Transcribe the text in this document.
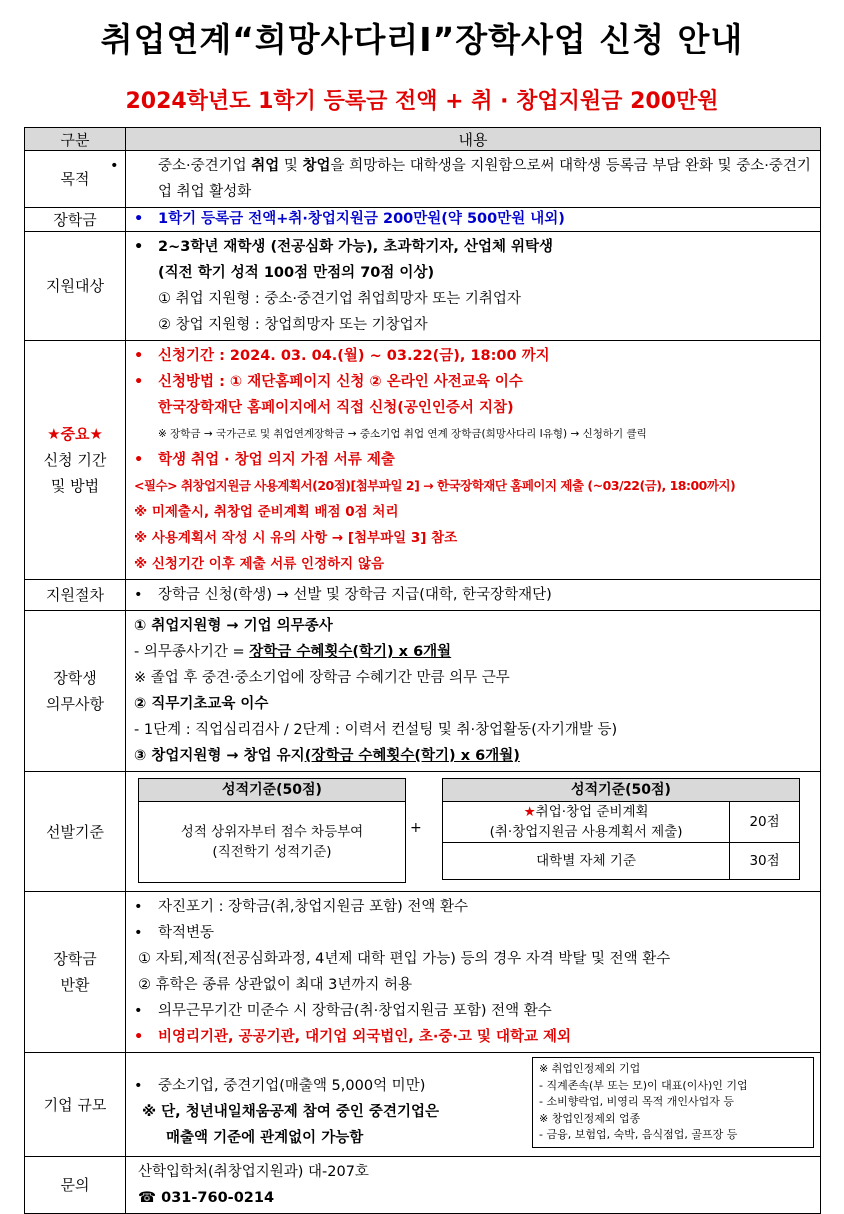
취업연계“희망사다리Ⅰ”장학사업 신청 안내
2024학년도 1학기 등록금 전액 + 취 · 창업지원금 200만원
구분	내용
목적	
• 중소·중견기업 취업 및 창업을 희망하는 대학생을 지원함으로써 대학생 등록금 부담 완화 및 중소·중견기업 취업 활성화

장학금	
•1학기 등록금 전액+취·창업지원금 200만원(약 500만원 내외)

지원대상	
• 2~3학년 재학생 (전공심화 가능), 초과학기자, 산업체 위탁생
(직전 학기 성적 100점 만점의 70점 이상)
① 취업 지원형 : 중소·중견기업 취업희망자 또는 기취업자
② 창업 지원형 : 창업희망자 또는 기창업자

★중요★
신청 기간
및 방법

• 신청기간 : 2024. 03. 04.(월) ~ 03.22(금), 18:00 까지
• 신청방법 : ① 재단홈페이지 신청 ② 온라인 사전교육 이수
한국장학재단 홈페이지에서 직접 신청(공인인증서 지참)
※ 장학금 → 국가근로 및 취업연계장학금 → 중소기업 취업 연계 장학금(희망사다리 Ⅰ유형) → 신청하기 클릭
• 학생 취업 · 창업 의지 가점 서류 제출
<필수> 취창업지원금 사용계획서(20점)[첨부파일 2] → 한국장학재단 홈페이지 제출 (~03/22(금), 18:00까지)
※ 미제출시, 취창업 준비계획 배점 0점 처리
※ 사용계획서 작성 시 유의 사항 → [첨부파일 3] 참조
※ 신청기간 이후 제출 서류 인정하지 않음

지원절차	
•장학금 신청(학생) → 선발 및 장학금 지급(대학, 한국장학재단)

장학생
의무사항

① 취업지원형 → 기업 의무종사
- 의무종사기간 = 장학금 수혜횟수(학기) x 6개월
※ 졸업 후 중견·중소기업에 장학금 수혜기간 만큼 의무 근무
② 직무기초교육 이수
- 1단계 : 직업심리검사 / 2단계 : 이력서 컨설팅 및 취·창업활동(자기개발 등)
③ 창업지원형 → 창업 유지(장학금 수혜횟수(학기) x 6개월)

선발기준	
성적기준(50점)

성적 상위자부터 점수 차등부여
(직전학기 성적기준)
+
성적기준(50점)

★취업·창업 준비계획
(취·창업지원금 사용계획서 제출)
	20점
대학별 자체 기준	30점

장학금
반환

• 자진포기 : 장학금(취,창업지원금 포함) 전액 환수
• 학적변동
① 자퇴,제적(전공심화과정, 4년제 대학 편입 가능) 등의 경우 자격 박탈 및 전액 환수
② 휴학은 종류 상관없이 최대 3년까지 허용
• 의무근무기간 미준수 시 장학금(취·창업지원금 포함) 전액 환수
• 비영리기관, 공공기관, 대기업 외국법인, 초·중·고 및 대학교 제외

기업 규모	
• 중소기업, 중견기업(매출액 5,000억 미만)
※ 단, 청년내일채움공제 참여 중인 중견기업은
매출액 기준에 관계없이 가능함
※ 취업인정제외 기업
- 직계존속(부 또는 모)이 대표(이사)인 기업
- 소비향락업, 비영리 목적 개인사업자 등
※ 창업인정제외 업종
- 금융, 보험업, 숙박, 음식점업, 골프장 등

문의	
산학입학처(취창업지원과) 대-207호
☎ 031-760-0214
